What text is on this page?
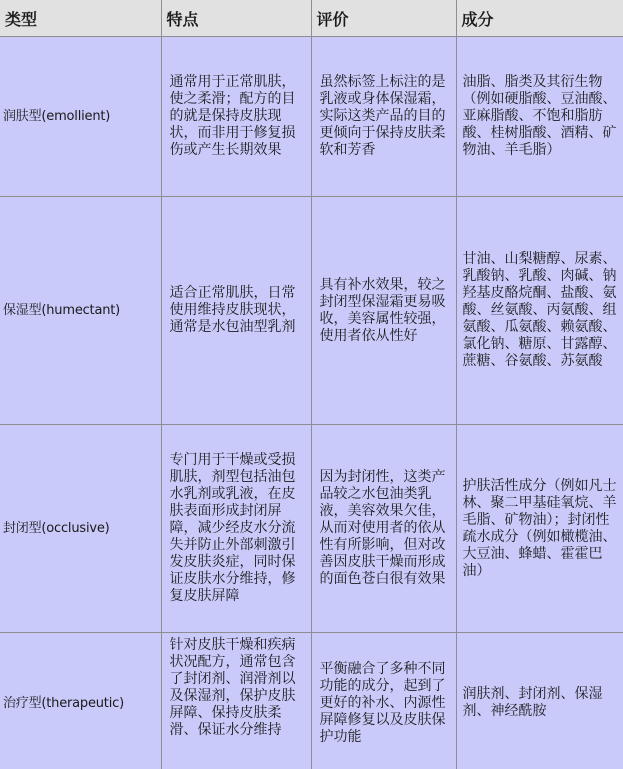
类型	特点	评价	成分
润肤型(emollient)	通常用于正常肌肤，使之柔滑；配方的目的就是保持皮肤现状，而非用于修复损伤或产生长期效果	虽然标签上标注的是乳液或身体保湿霜，实际这类产品的目的更倾向于保持皮肤柔软和芳香	油脂、脂类及其衍生物（例如硬脂酸、豆油酸、亚麻脂酸、不饱和脂肪酸、桂树脂酸、酒精、矿物油、羊毛脂）
保湿型(humectant)	适合正常肌肤，日常使用维持皮肤现状，通常是水包油型乳剂	具有补水效果，较之封闭型保湿霜更易吸收，美容属性较强，使用者依从性好	甘油、山梨糖醇、尿素、乳酸钠、乳酸、肉碱、钠羟基皮酪烷酮、盐酸、氨酸、丝氨酸、丙氨酸、组氨酸、瓜氨酸、赖氨酸、氯化钠、糖原、甘露醇、蔗糖、谷氨酸、苏氨酸
封闭型(occlusive)	专门用于干燥或受损肌肤，剂型包括油包水乳剂或乳液，在皮肤表面形成封闭屏障，减少经皮水分流失并防止外部刺激引发皮肤炎症，同时保证皮肤水分维持，修复皮肤屏障	因为封闭性，这类产品较之水包油类乳液，美容效果欠佳，从而对使用者的依从性有所影响，但对改善因皮肤干燥而形成的面色苍白很有效果	护肤活性成分（例如凡士林、聚二甲基硅氧烷、羊毛脂、矿物油）；封闭性疏水成分（例如橄榄油、大豆油、蜂蜡、霍霍巴油）
治疗型(therapeutic)	针对皮肤干燥和疾病状况配方，通常包含了封闭剂、润滑剂以及保湿剂，保护皮肤屏障、保持皮肤柔滑、保证水分维持	平衡融合了多种不同功能的成分，起到了更好的补水、内源性屏障修复以及皮肤保护功能	润肤剂、封闭剂、保湿剂、神经酰胺
